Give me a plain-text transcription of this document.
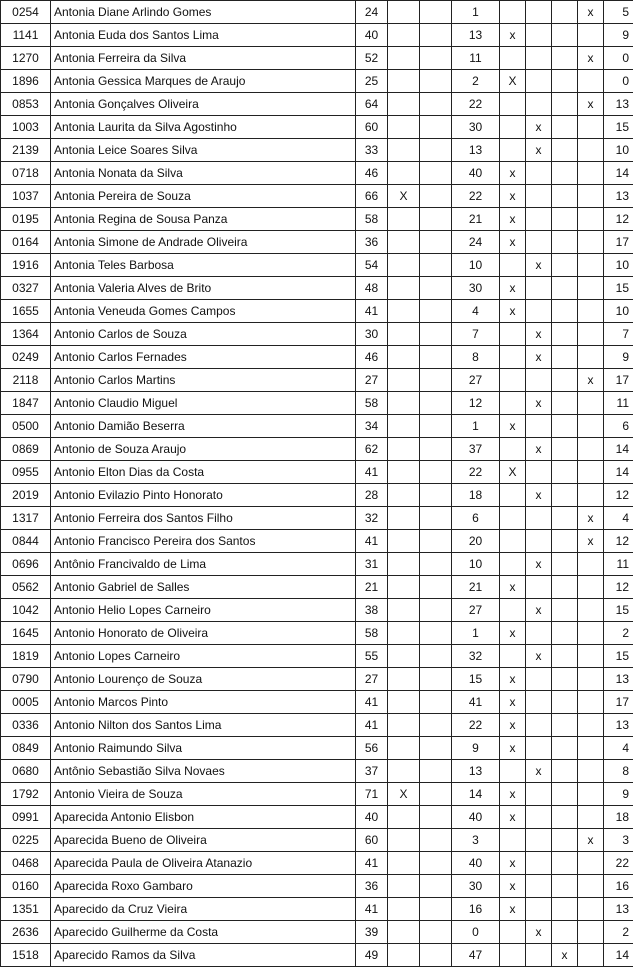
0254	Antonia Diane Arlindo Gomes	24			1				x	5
1141	Antonia Euda dos Santos Lima	40			13	x				9
1270	Antonia Ferreira da Silva	52			11				x	0
1896	Antonia Gessica Marques de Araujo	25			2	X				0
0853	Antonia Gonçalves Oliveira	64			22				x	13
1003	Antonia Laurita da Silva Agostinho	60			30		x			15
2139	Antonia Leice Soares Silva	33			13		x			10
0718	Antonia Nonata da Silva	46			40	x				14
1037	Antonia Pereira de Souza	66	X		22	x				13
0195	Antonia Regina de Sousa Panza	58			21	x				12
0164	Antonia Simone de Andrade Oliveira	36			24	x				17
1916	Antonia Teles Barbosa	54			10		x			10
0327	Antonia Valeria Alves de Brito	48			30	x				15
1655	Antonia Veneuda Gomes Campos	41			4	x				10
1364	Antonio Carlos de Souza	30			7		x			7
0249	Antonio Carlos Fernades	46			8		x			9
2118	Antonio Carlos Martins	27			27				x	17
1847	Antonio Claudio Miguel	58			12		x			11
0500	Antonio Damião Beserra	34			1	x				6
0869	Antonio de Souza Araujo	62			37		x			14
0955	Antonio Elton Dias da Costa	41			22	X				14
2019	Antonio Evilazio Pinto Honorato	28			18		x			12
1317	Antonio Ferreira dos Santos Filho	32			6				x	4
0844	Antonio Francisco Pereira dos Santos	41			20				x	12
0696	Antônio Francivaldo de Lima	31			10		x			11
0562	Antonio Gabriel de Salles	21			21	x				12
1042	Antonio Helio Lopes Carneiro	38			27		x			15
1645	Antonio Honorato de Oliveira	58			1	x				2
1819	Antonio Lopes Carneiro	55			32		x			15
0790	Antonio Lourenço de Souza	27			15	x				13
0005	Antonio Marcos Pinto	41			41	x				17
0336	Antonio Nilton dos Santos Lima	41			22	x				13
0849	Antonio Raimundo Silva	56			9	x				4
0680	Antônio Sebastião Silva Novaes	37			13		x			8
1792	Antonio Vieira de Souza	71	X		14	x				9
0991	Aparecida Antonio Elisbon	40			40	x				18
0225	Aparecida Bueno de Oliveira	60			3				x	3
0468	Aparecida Paula de Oliveira Atanazio	41			40	x				22
0160	Aparecida Roxo Gambaro	36			30	x				16
1351	Aparecido da Cruz Vieira	41			16	x				13
2636	Aparecido Guilherme da Costa	39			0		x			2
1518	Aparecido Ramos da Silva	49			47			x		14
